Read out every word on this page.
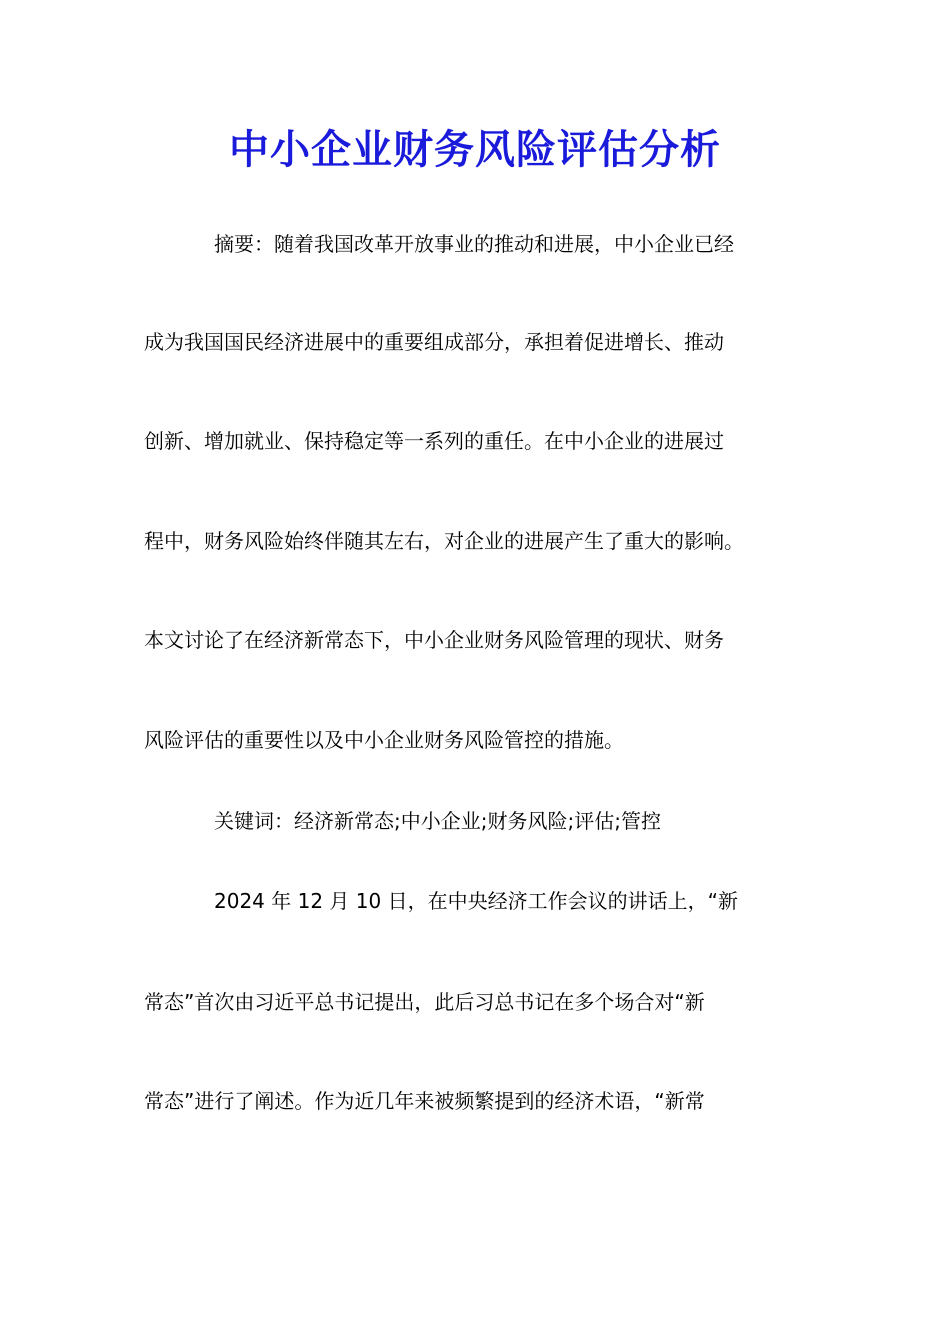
中小企业财务风险评估分析
摘要：随着我国改革开放事业的推动和进展，中小企业已经
成为我国国民经济进展中的重要组成部分，承担着促进增长、推动
创新、增加就业、保持稳定等一系列的重任。在中小企业的进展过
程中，财务风险始终伴随其左右，对企业的进展产生了重大的影响。
本文讨论了在经济新常态下，中小企业财务风险管理的现状、财务
风险评估的重要性以及中小企业财务风险管控的措施。
关键词：经济新常态;中小企业;财务风险;评估;管控
2024 年 12 月 10 日，在中央经济工作会议的讲话上，“新
常态”首次由习近平总书记提出，此后习总书记在多个场合对“新
常态”进行了阐述。作为近几年来被频繁提到的经济术语，“新常
